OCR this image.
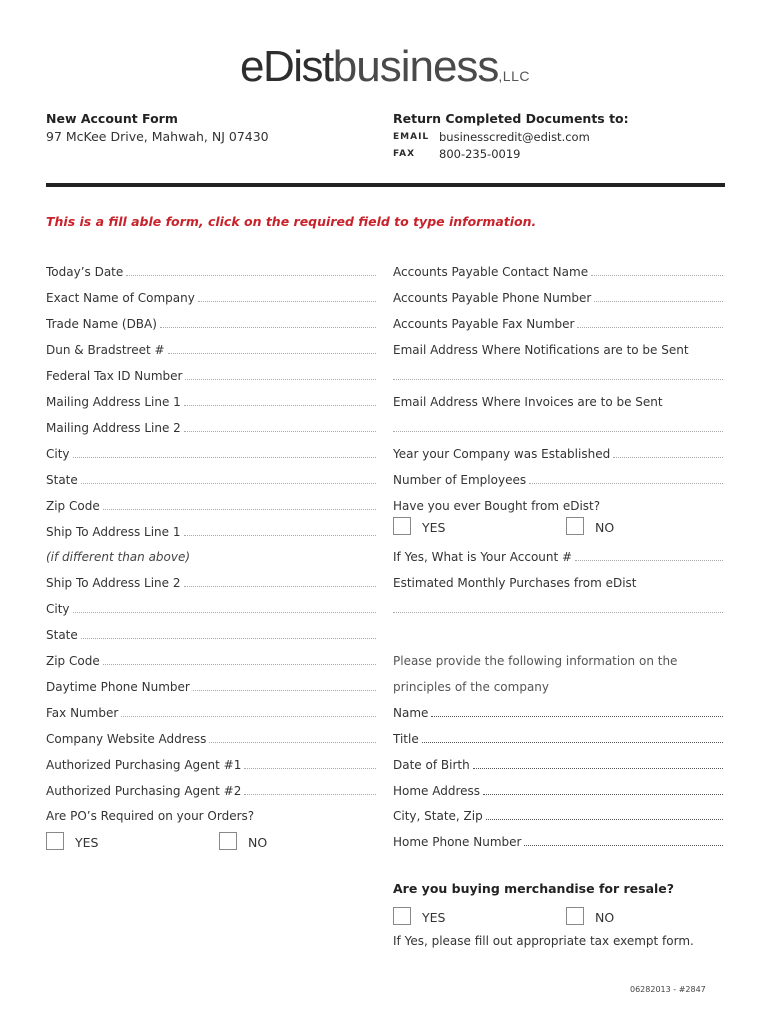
eDistbusiness,LLC
New Account Form
97 McKee Drive, Mahwah, NJ 07430
Return Completed Documents to:
EMAIL businesscredit@edist.com
FAX	800-235-0019
This is a fill able form, click on the required field to type information.
Today’s Date
Exact Name of Company
Trade Name (DBA)
Dun & Bradstreet #
Federal Tax ID Number
Mailing Address Line 1
Mailing Address Line 2
City
State
Zip Code
Ship To Address Line 1
(if different than above)
Ship To Address Line 2
City
State
Zip Code
Daytime Phone Number
Fax Number
Company Website Address
Authorized Purchasing Agent #1
Authorized Purchasing Agent #2
Are PO’s Required on your Orders?
YES	NO
Accounts Payable Contact Name
Accounts Payable Phone Number
Accounts Payable Fax Number
Email Address Where Notifications are to be Sent
Email Address Where Invoices are to be Sent
Year your Company was Established
Number of Employees
Have you ever Bought from eDist?
YES	NO
If Yes, What is Your Account #
Estimated Monthly Purchases from eDist
Please provide the following information on the
principles of the company
Name
Title
Date of Birth
Home Address
City, State, Zip
Home Phone Number
Are you buying merchandise for resale?
YES	NO
If Yes, please fill out appropriate tax exempt form.
06282013 - #2847
